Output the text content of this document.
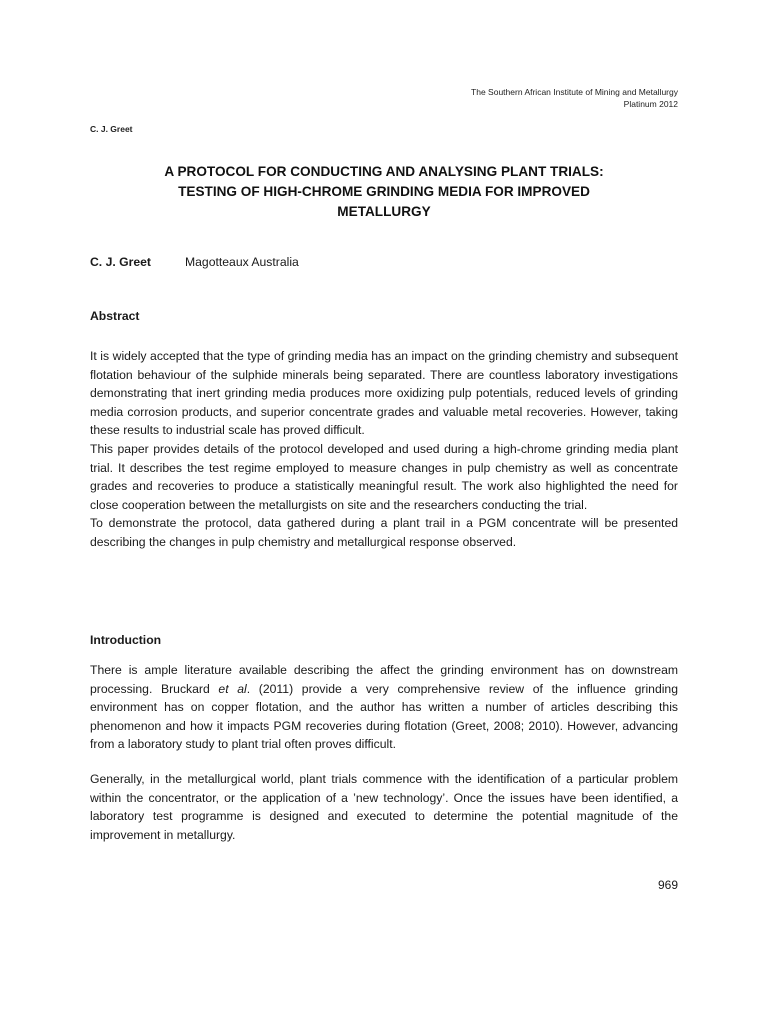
The Southern African Institute of Mining and Metallurgy
Platinum 2012
C. J. Greet
A PROTOCOL FOR CONDUCTING AND ANALYSING PLANT TRIALS:
TESTING OF HIGH-CHROME GRINDING MEDIA FOR IMPROVED
METALLURGY
C. J. Greet	Magotteaux Australia
Abstract

It is widely accepted that the type of grinding media has an impact on the grinding chemistry and subsequent flotation behaviour of the sulphide minerals being separated. There are countless laboratory investigations demonstrating that inert grinding media produces more oxidizing pulp potentials, reduced levels of grinding media corrosion products, and superior concentrate grades and valuable metal recoveries. However, taking these results to industrial scale has proved difficult.

This paper provides details of the protocol developed and used during a high-chrome grinding media plant trial. It describes the test regime employed to measure changes in pulp chemistry as well as concentrate grades and recoveries to produce a statistically meaningful result. The work also highlighted the need for close cooperation between the metallurgists on site and the researchers conducting the trial.

To demonstrate the protocol, data gathered during a plant trail in a PGM concentrate will be presented describing the changes in pulp chemistry and metallurgical response observed.

Introduction

There is ample literature available describing the affect the grinding environment has on downstream processing. Bruckard et al. (2011) provide a very comprehensive review of the influence grinding environment has on copper flotation, and the author has written a number of articles describing this phenomenon and how it impacts PGM recoveries during flotation (Greet, 2008; 2010). However, advancing from a laboratory study to plant trial often proves difficult.

Generally, in the metallurgical world, plant trials commence with the identification of a particular problem within the concentrator, or the application of a ’new technology’. Once the issues have been identified, a laboratory test programme is designed and executed to determine the potential magnitude of the improvement in metallurgy.

969
